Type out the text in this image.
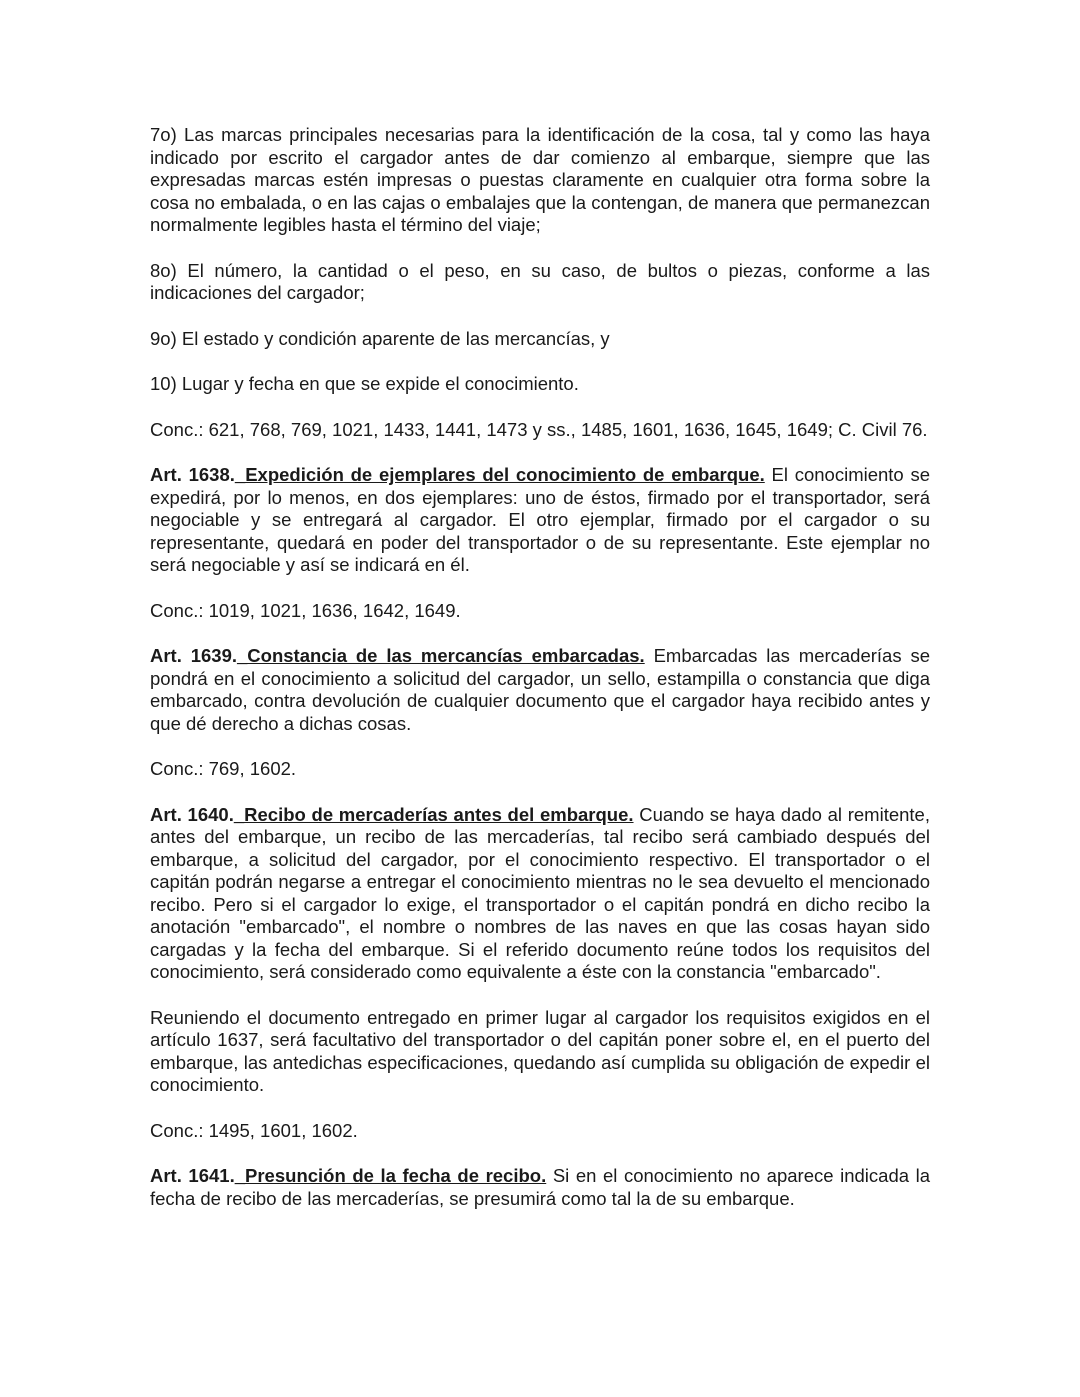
7o) Las marcas principales necesarias para la identificación de la cosa, tal y como las haya indicado por escrito el cargador antes de dar comienzo al embarque, siempre que las expresadas marcas estén impresas o puestas claramente en cualquier otra forma sobre la cosa no embalada, o en las cajas o embalajes que la contengan, de manera que permanezcan normalmente legibles hasta el término del viaje;

8o) El número, la cantidad o el peso, en su caso, de bultos o piezas, conforme a las indicaciones del cargador;

9o) El estado y condición aparente de las mercancías, y

10) Lugar y fecha en que se expide el conocimiento.

Conc.: 621, 768, 769, 1021, 1433, 1441, 1473 y ss., 1485, 1601, 1636, 1645, 1649; C. Civil 76.

Art. 1638._Expedición de ejemplares del conocimiento de embarque. El conocimiento se expedirá, por lo menos, en dos ejemplares: uno de éstos, firmado por el transportador, será negociable y se entregará al cargador. El otro ejemplar, firmado por el cargador o su representante, quedará en poder del transportador o de su representante. Este ejemplar no será negociable y así se indicará en él.

Conc.: 1019, 1021, 1636, 1642, 1649.

Art. 1639._Constancia de las mercancías embarcadas. Embarcadas las mercaderías se pondrá en el conocimiento a solicitud del cargador, un sello, estampilla o constancia que diga embarcado, contra devolución de cualquier documento que el cargador haya recibido antes y que dé derecho a dichas cosas.

Conc.: 769, 1602.

Art. 1640._Recibo de mercaderías antes del embarque. Cuando se haya dado al remitente, antes del embarque, un recibo de las mercaderías, tal recibo será cambiado después del embarque, a solicitud del cargador, por el conocimiento respectivo. El transportador o el capitán podrán negarse a entregar el conocimiento mientras no le sea devuelto el mencionado recibo. Pero si el cargador lo exige, el transportador o el capitán pondrá en dicho recibo la anotación "embarcado", el nombre o nombres de las naves en que las cosas hayan sido cargadas y la fecha del embarque. Si el referido documento reúne todos los requisitos del conocimiento, será considerado como equivalente a éste con la constancia "embarcado".

Reuniendo el documento entregado en primer lugar al cargador los requisitos exigidos en el artículo 1637, será facultativo del transportador o del capitán poner sobre el, en el puerto del embarque, las antedichas especificaciones, quedando así cumplida su obligación de expedir el conocimiento.

Conc.: 1495, 1601, 1602.

Art. 1641._Presunción de la fecha de recibo. Si en el conocimiento no aparece indicada la fecha de recibo de las mercaderías, se presumirá como tal la de su embarque.
